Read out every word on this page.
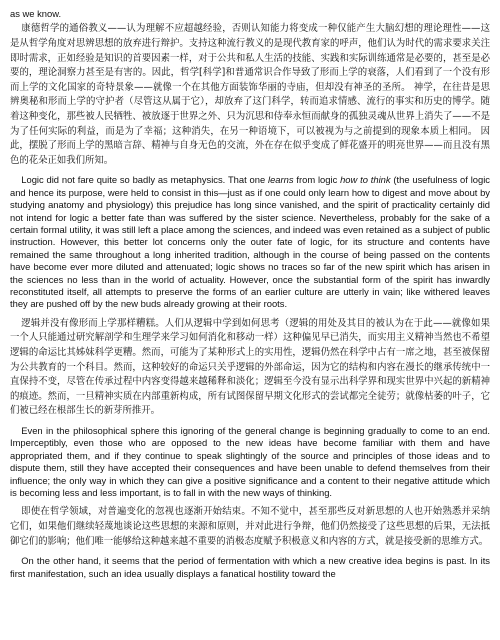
as we know.

康德哲学的通俗教义——认为理解不应超越经验，否则认知能力将变成一种仅能产生大脑幻想的理论理性——这是从哲学角度对思辨思想的放弃进行辩护。支持这种流行教义的是现代教育家的呼声，他们认为时代的需求要求关注即时需求，正如经验是知识的首要因素一样，对于公共和私人生活的技能、实践和实际训练通常是必要的，甚至是必要的，理论洞察力甚至是有害的。因此，哲学[科学]和普通常识合作导致了形而上学的衰落，人们看到了一个没有形而上学的文化国家的奇特景象——就像一个在其他方面装饰华丽的寺庙，但却没有神圣的圣所。 神学，在往昔是思辨奥秘和形而上学的守护者（尽管这从属于它），却放弃了这门科学，转而追求情感、流行的事实和历史的博学。随着这种变化，那些被人民牺牲、被放逐于世界之外、只为沉思和侍奉永恒而献身的孤独灵魂从世界上消失了——不是为了任何实际的利益，而是为了幸福；这种消失，在另一种语境下，可以被视为与之前提到的现象本质上相同。 因此，摆脱了形而上学的黑暗言辞、精神与自身无色的交流，外在存在似乎变成了鲜花盛开的明亮世界——而且没有黑色的花朵正如我们所知。

Logic did not fare quite so badly as metaphysics. That one learns from logic how to think (the usefulness of logic and hence its purpose, were held to consist in this—just as if one could only learn how to digest and move about by studying anatomy and physiology) this prejudice has long since vanished, and the spirit of practicality certainly did not intend for logic a better fate than was suffered by the sister science. Nevertheless, probably for the sake of a certain formal utility, it was still left a place among the sciences, and indeed was even retained as a subject of public instruction. However, this better lot concerns only the outer fate of logic, for its structure and contents have remained the same throughout a long inherited tradition, although in the course of being passed on the contents have become ever more diluted and attenuated; logic shows no traces so far of the new spirit which has arisen in the sciences no less than in the world of actuality. However, once the substantial form of the spirit has inwardly reconstituted itself, all attempts to preserve the forms of an earlier culture are utterly in vain; like withered leaves they are pushed off by the new buds already growing at their roots.

逻辑并没有像形而上学那样糟糕。人们从逻辑中学到如何思考（逻辑的用处及其目的被认为在于此——就像如果一个人只能通过研究解剖学和生理学来学习如何消化和移动一样）这种偏见早已消失，而实用主义精神当然也不希望逻辑的命运比其姊妹科学更糟。然而，可能为了某种形式上的实用性，逻辑仍然在科学中占有一席之地，甚至被保留为公共教育的一个科目。然而，这种较好的命运只关乎逻辑的外部命运，因为它的结构和内容在漫长的继承传统中一直保持不变，尽管在传承过程中内容变得越来越稀释和淡化；逻辑至今没有显示出科学界和现实世界中兴起的新精神的痕迹。然而，一旦精神实质在内部重新构成，所有试图保留早期文化形式的尝试都完全徒劳；就像枯萎的叶子，它们被已经在根部生长的新芽所推开。

Even in the philosophical sphere this ignoring of the general change is beginning gradually to come to an end. Imperceptibly, even those who are opposed to the new ideas have become familiar with them and have appropriated them, and if they continue to speak slightingly of the source and principles of those ideas and to dispute them, still they have accepted their consequences and have been unable to defend themselves from their influence; the only way in which they can give a positive significance and a content to their negative attitude which is becoming less and less important, is to fall in with the new ways of thinking.

即使在哲学领域，对普遍变化的忽视也逐渐开始结束。不知不觉中，甚至那些反对新思想的人也开始熟悉并采纳它们，如果他们继续轻蔑地谈论这些思想的来源和原则，并对此进行争辩，他们仍然接受了这些思想的后果，无法抵御它们的影响；他们唯一能够给这种越来越不重要的消极态度赋予积极意义和内容的方式，就是接受新的思维方式。

On the other hand, it seems that the period of fermentation with which a new creative idea begins is past. In its first manifestation, such an idea usually displays a fanatical hostility toward the
